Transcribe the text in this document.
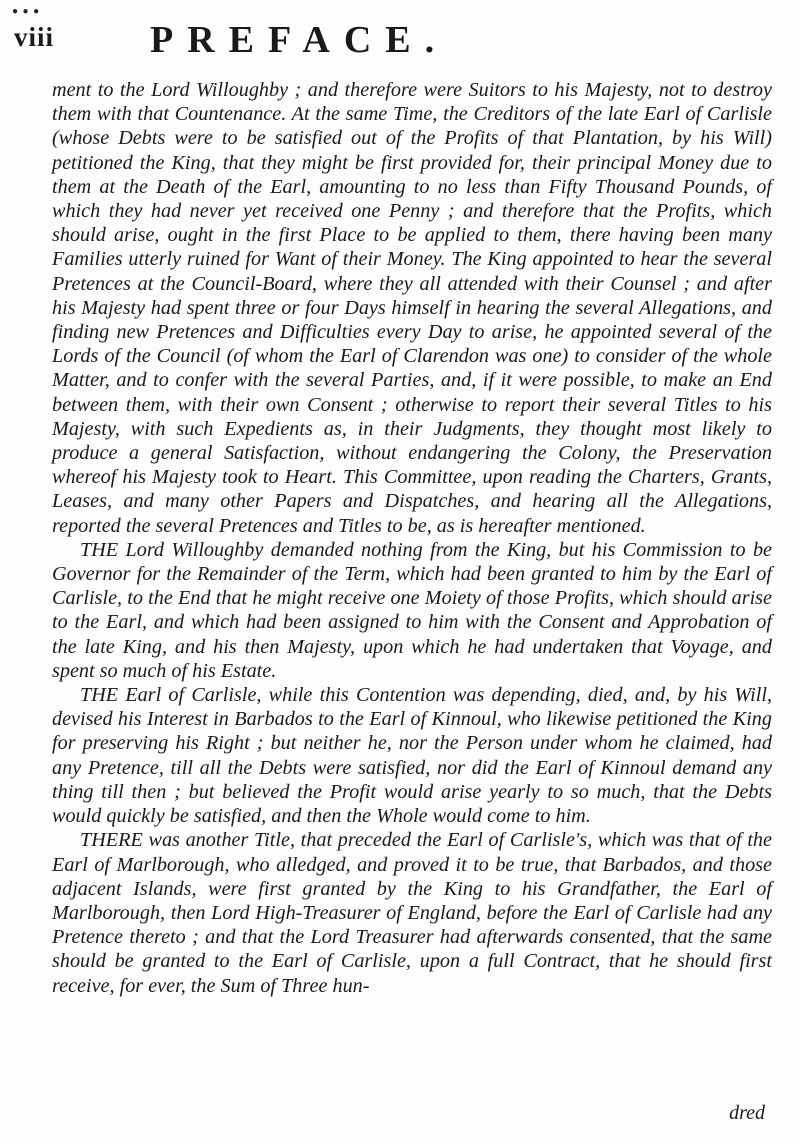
● ● ●
viii	PREFACE.

ment to the Lord Willoughby ; and therefore were Suitors to his Majesty, not to destroy them with that Countenance. At the same Time, the Creditors of the late Earl of Carlisle (whose Debts were to be satisfied out of the Profits of that Plantation, by his Will) petitioned the King, that they might be first provided for, their principal Money due to them at the Death of the Earl, amounting to no less than Fifty Thousand Pounds, of which they had never yet received one Penny ; and therefore that the Profits, which should arise, ought in the first Place to be applied to them, there having been many Families utterly ruined for Want of their Money. The King appointed to hear the several Pretences at the Council-Board, where they all attended with their Counsel ; and after his Majesty had spent three or four Days himself in hearing the several Allegations, and finding new Pretences and Difficulties every Day to arise, he appointed several of the Lords of the Council (of whom the Earl of Clarendon was one) to consider of the whole Matter, and to confer with the several Parties, and, if it were possible, to make an End between them, with their own Consent ; otherwise to report their several Titles to his Majesty, with such Expedients as, in their Judgments, they thought most likely to produce a general Satisfaction, without endangering the Colony, the Preservation whereof his Majesty took to Heart. This Committee, upon reading the Charters, Grants, Leases, and many other Papers and Dispatches, and hearing all the Allegations, reported the several Pretences and Titles to be, as is hereafter mentioned.

THE Lord Willoughby demanded nothing from the King, but his Commission to be Governor for the Remainder of the Term, which had been granted to him by the Earl of Carlisle, to the End that he might receive one Moiety of those Profits, which should arise to the Earl, and which had been assigned to him with the Consent and Approbation of the late King, and his then Majesty, upon which he had undertaken that Voyage, and spent so much of his Estate.

THE Earl of Carlisle, while this Contention was depending, died, and, by his Will, devised his Interest in Barbados to the Earl of Kinnoul, who likewise petitioned the King for preserving his Right ; but neither he, nor the Person under whom he claimed, had any Pretence, till all the Debts were satisfied, nor did the Earl of Kinnoul demand any thing till then ; but believed the Profit would arise yearly to so much, that the Debts would quickly be satisfied, and then the Whole would come to him.

THERE was another Title, that preceded the Earl of Carlisle's, which was that of the Earl of Marlborough, who alledged, and proved it to be true, that Barbados, and those adjacent Islands, were first granted by the King to his Grandfather, the Earl of Marlborough, then Lord High-Treasurer of England, before the Earl of Carlisle had any Pretence thereto ; and that the Lord Treasurer had afterwards consented, that the same should be granted to the Earl of Carlisle, upon a full Contract, that he should first receive, for ever, the Sum of Three hun-

dred
